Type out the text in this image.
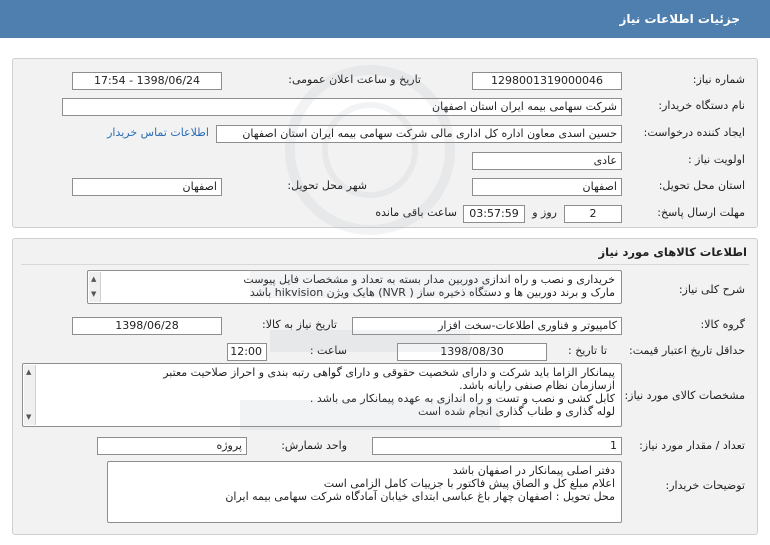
جزئیات اطلاعات نیاز
شماره نیاز:
1298001319000046
تاریخ و ساعت اعلان عمومی:
1398/06/24 - 17:54
نام دستگاه خریدار:
شرکت سهامی بیمه ایران استان اصفهان
ایجاد کننده درخواست:
حسین اسدی معاون اداره کل اداری مالی شرکت سهامی بیمه ایران استان اصفهان
اطلاعات تماس خریدار
اولویت نیاز :
عادی
استان محل تحویل:
اصفهان
شهر محل تحویل:
اصفهان
مهلت ارسال پاسخ:
2
روز و
03:57:59
ساعت باقی مانده
اطلاعات کالاهای مورد نیاز
شرح کلی نیاز:
خریداری و نصب و راه اندازی دوربین مدار بسته به تعداد و مشخصات فایل پیوست
مارک و برند دوربین ها و دستگاه ذخیره ساز ( NVR) هایک ویژن hikvision باشد
▲
▼
گروه کالا:
کامپیوتر و فناوری اطلاعات-سخت افزار
تاریخ نیاز به کالا:
1398/06/28
حداقل تاریخ اعتبار قیمت:
تا تاریخ :
1398/08/30
ساعت :
12:00
مشخصات کالای مورد نیاز:
پیمانکار الزاما باید شرکت و دارای شخصیت حقوقی و دارای گواهی رتبه بندی و احراز صلاحیت معتبر
ازسازمان نظام صنفی رایانه باشد.
کابل کشی و نصب و تست و راه اندازی به عهده پیمانکار می باشد .
لوله گذاری و طناب گذاری انجام شده است
▲
▼
تعداد / مقدار مورد نیاز:
1
واحد شمارش:
پروژه
توضیحات خریدار:
دفتر اصلی پیمانکار در اصفهان باشد
اعلام مبلغ کل و الصاق پیش فاکتور با جزییات کامل الزامی است
محل تحویل : اصفهان چهار باغ عباسی ابتدای خیابان آمادگاه شرکت سهامی بیمه ایران
